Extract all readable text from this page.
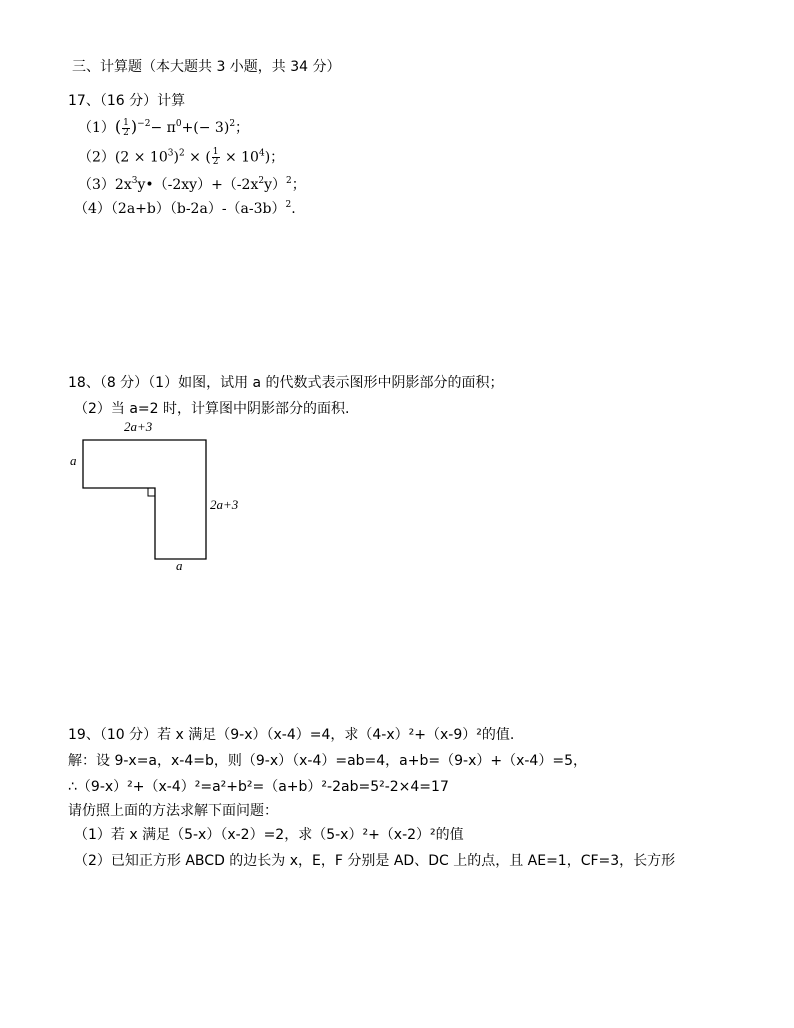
三、计算题（本大题共 3 小题，共 34 分）
17、（16 分）计算
$(1)( \frac{1}{2} )^{-2}- \pi^0+(- 3)^2$；
$(2)(2 \times 10^3)^2$ × ( $\frac{1}{2} \times 10^4$)；
$(3)2x^3y•(-2xy)+(-2x^2y)^2$；
$(4)(2a+b)(b-2a)-(a-3b)^2$.
18、（8 分）（1）如图，试用 a 的代数式表示图形中阴影部分的面积；
（2）当 a=2 时，计算图中阴影部分的面积.
2a+3
a
2a+3
a
19、（10 分）若 x 满足（9-x）（x-4）=4，求（4-x）²+（x-9）²的值.
解：设 9-x=a，x-4=b，则（9-x）（x-4）=ab=4，a+b=（9-x）+（x-4）=5，
∴（9-x）²+（x-4）²=a²+b²=（a+b）²-2ab=5²-2×4=17
请仿照上面的方法求解下面问题：
（1）若 x 满足（5-x）（x-2）=2，求（5-x）²+（x-2）²的值
（2）已知正方形 ABCD 的边长为 x，E，F 分别是 AD、DC 上的点，且 AE=1，CF=3，长方形
